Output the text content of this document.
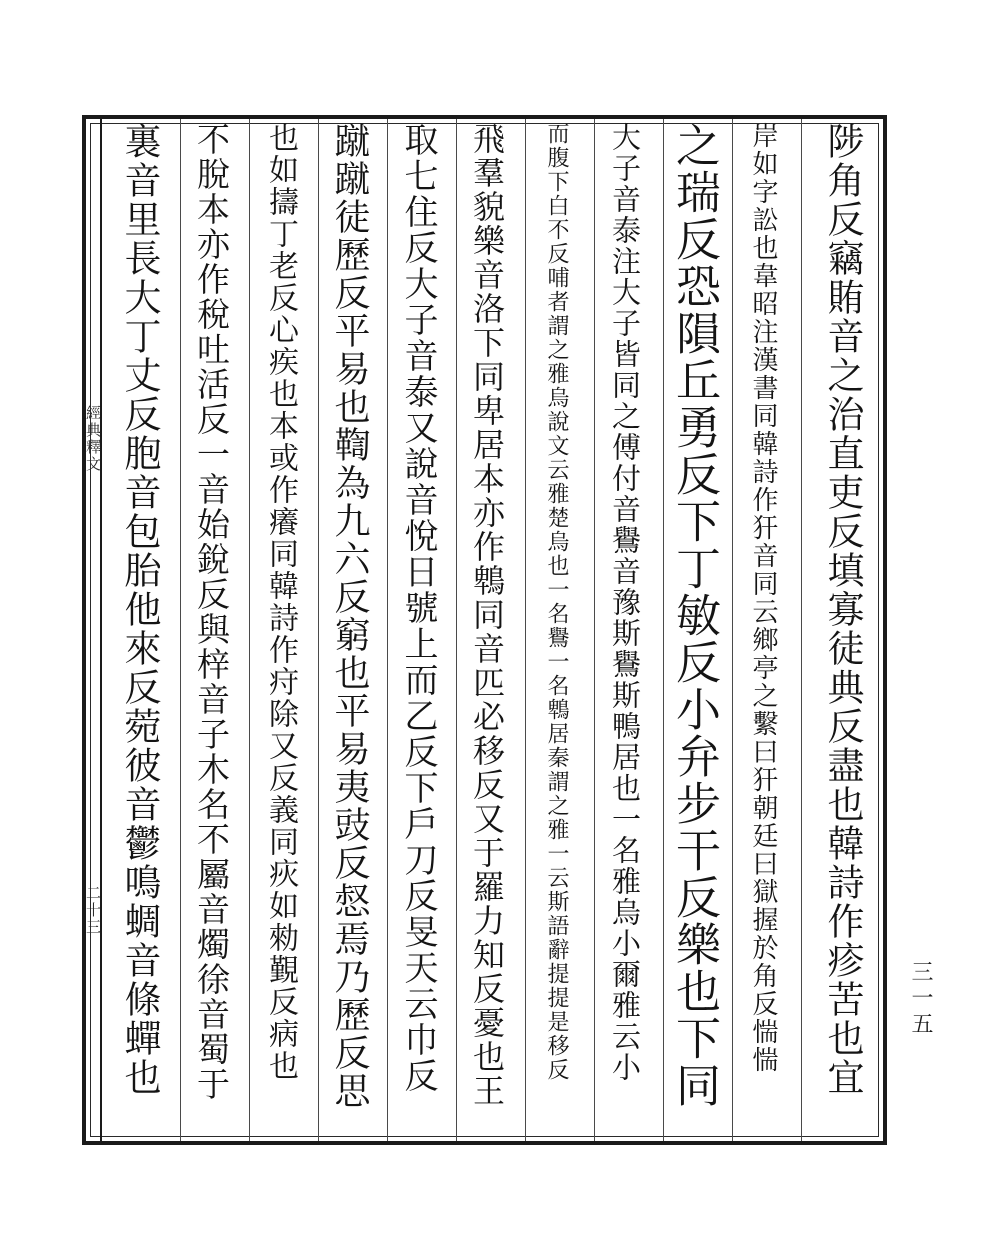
經典釋文
二十三	陟角反竊賄音之治直吏反填寡徒典反盡也韓詩作疹苦也宜
岸如字訟也韋昭注漢書同韓詩作犴音同云鄉亭之繫曰犴朝廷曰獄握於角反惴惴
之瑞反恐隕丘勇反下丁敏反小弁步干反樂也下同
大子音泰注大子皆同之傅付音鸒音豫斯鸒斯鴨居也一名雅烏小爾雅云小
而腹下白不反哺者謂之雅烏說文云雅楚烏也一名鸒一名鵯居秦謂之雅一云斯語辭提提是移反
飛羣貌樂音洛下同卑居本亦作鵯同音匹必移反又于羅力知反憂也王
取七住反大子音泰又說音悅日號上而乙反下戶刀反旻天云巾反
蹴蹴徒歷反平易也鞫為九六反窮也平易夷豉反惄焉乃歷反思
也如擣丁老反心疾也本或作癢同韓詩作疛除又反義同疢如勑覲反病也
不脫本亦作稅吐活反一音始銳反與梓音子木名不屬音燭徐音蜀于
裏音里長大丁丈反胞音包胎他來反菀彼音鬱鳴蜩音條蟬也	三一五
